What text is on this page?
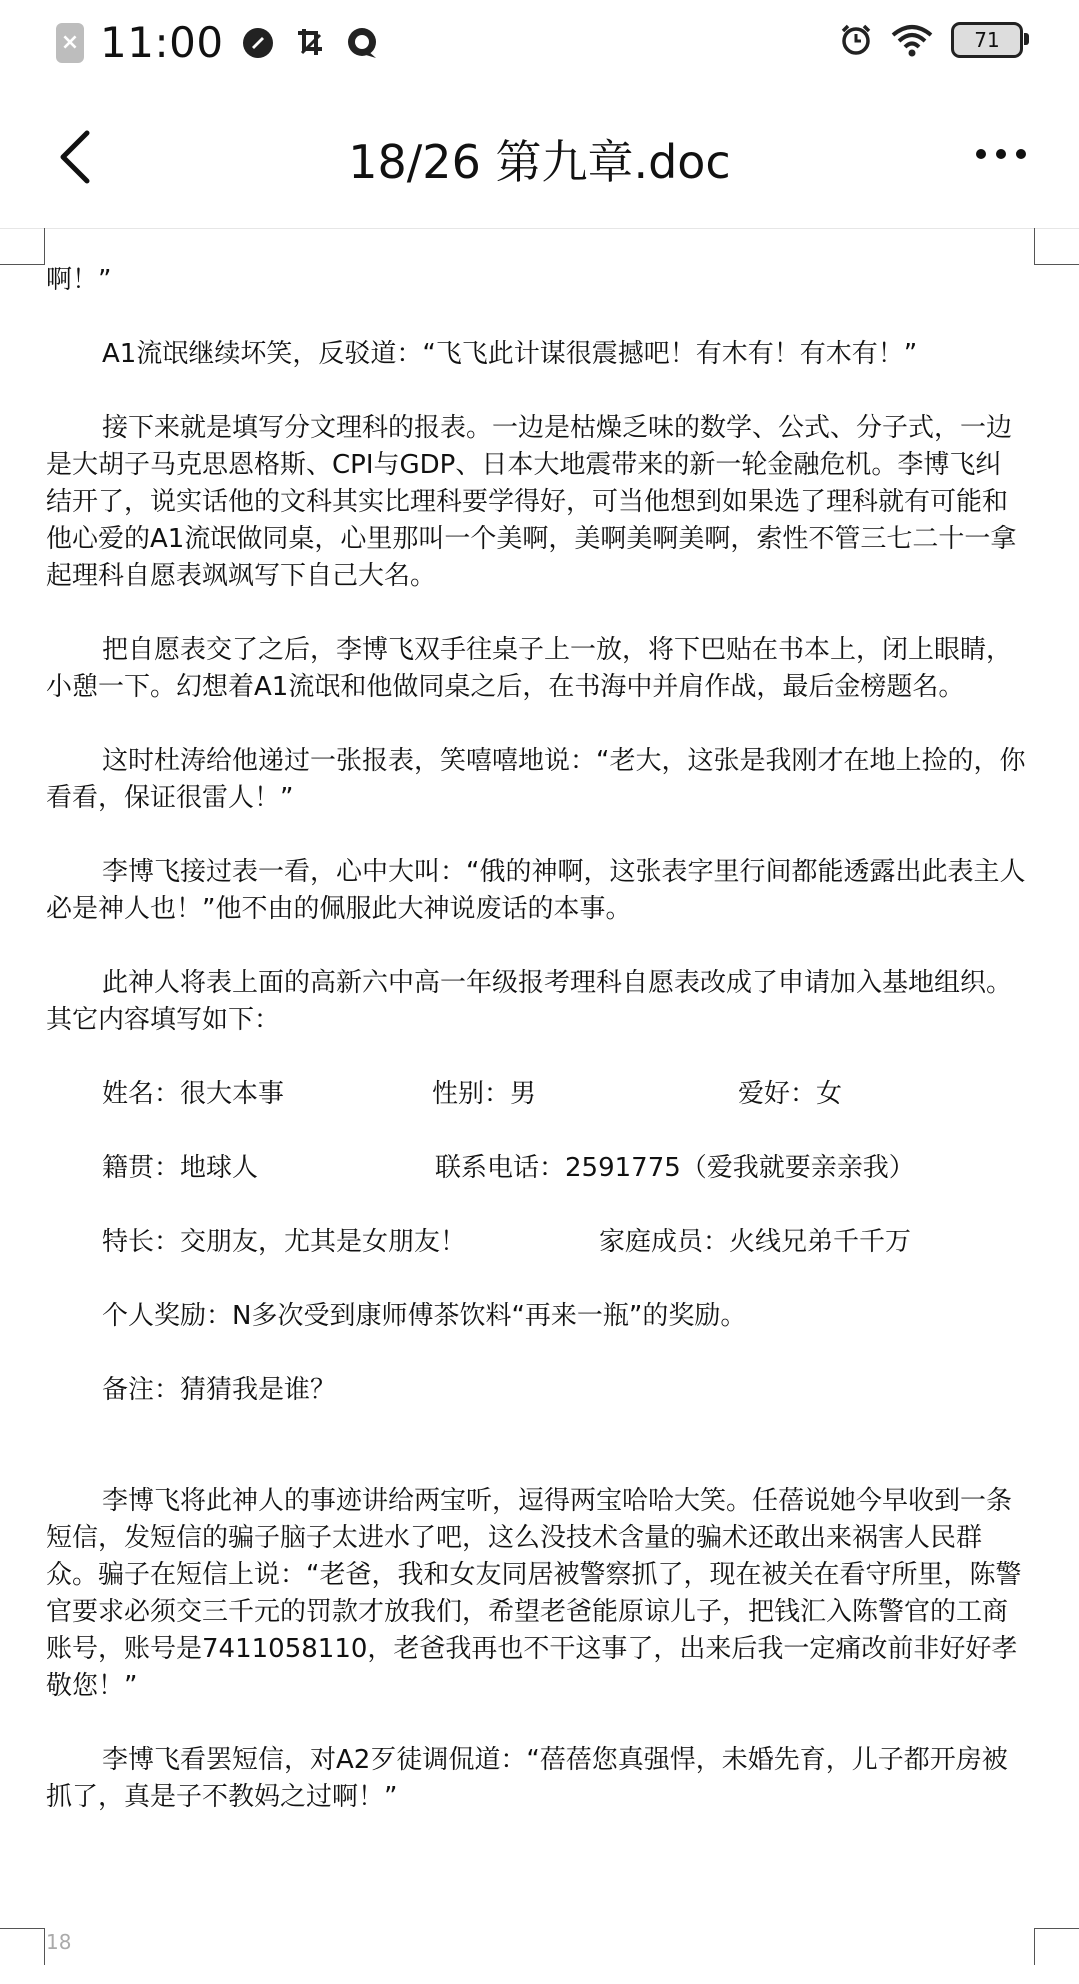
× 11:00	71
18/26 第九章.doc

啊！”

A1流氓继续坏笑，反驳道：“飞飞此计谋很震撼吧！有木有！有木有！”

接下来就是填写分文理科的报表。一边是枯燥乏味的数学、公式、分子式，一边是大胡子马克思恩格斯、CPI与GDP、日本大地震带来的新一轮金融危机。李博飞纠结开了，说实话他的文科其实比理科要学得好，可当他想到如果选了理科就有可能和他心爱的A1流氓做同桌，心里那叫一个美啊，美啊美啊美啊，索性不管三七二十一拿起理科自愿表飒飒写下自己大名。

把自愿表交了之后，李博飞双手往桌子上一放，将下巴贴在书本上，闭上眼睛，小憩一下。幻想着A1流氓和他做同桌之后，在书海中并肩作战，最后金榜题名。

这时杜涛给他递过一张报表，笑嘻嘻地说：“老大，这张是我刚才在地上捡的，你看看，保证很雷人！”

李博飞接过表一看，心中大叫：“俄的神啊，这张表字里行间都能透露出此表主人必是神人也！”他不由的佩服此大神说废话的本事。

此神人将表上面的高新六中高一年级报考理科自愿表改成了申请加入基地组织。其它内容填写如下：

姓名：很大本事	性别：男	爱好：女
籍贯：地球人	联系电话：2591775（爱我就要亲亲我）
特长：交朋友，尤其是女朋友！	家庭成员：火线兄弟千千万
个人奖励：N多次受到康师傅茶饮料“再来一瓶”的奖励。
备注：猜猜我是谁？

李博飞将此神人的事迹讲给两宝听，逗得两宝哈哈大笑。任蓓说她今早收到一条短信，发短信的骗子脑子太进水了吧，这么没技术含量的骗术还敢出来祸害人民群众。骗子在短信上说：“老爸，我和女友同居被警察抓了，现在被关在看守所里，陈警官要求必须交三千元的罚款才放我们，希望老爸能原谅儿子，把钱汇入陈警官的工商账号，账号是7411058110，老爸我再也不干这事了，出来后我一定痛改前非好好孝敬您！”

李博飞看罢短信，对A2歹徒调侃道：“蓓蓓您真强悍，未婚先育，儿子都开房被抓了，真是子不教妈之过啊！”

18
